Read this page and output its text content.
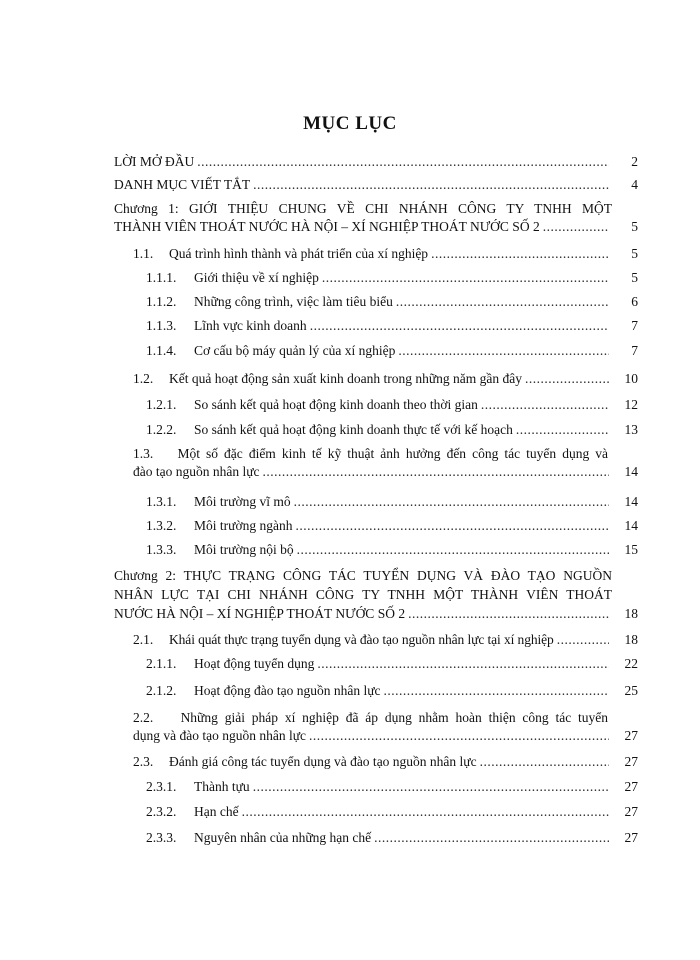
MỤC LỤC
LỜI MỞ ĐẦU .....	2
DANH MỤC VIẾT TẮT .....	4
Chương 1: GIỚI THIỆU CHUNG VỀ CHI NHÁNH CÔNG TY TNHH MỘT
THÀNH VIÊN THOÁT NƯỚC HÀ NỘI – XÍ NGHIỆP THOÁT NƯỚC SỐ 2 .....	5
1.1.	Quá trình hình thành và phát triển của xí nghiệp .....	5
1.1.1.	Giới thiệu về xí nghiệp .....	5
1.1.2.	Những công trình, việc làm tiêu biểu .....	6
1.1.3.	Lĩnh vực kinh doanh .....	7
1.1.4.	Cơ cấu bộ máy quản lý của xí nghiệp .....	7
1.2.	Kết quả hoạt động sản xuất kinh doanh trong những năm gần đây .....	10
1.2.1.	So sánh kết quả hoạt động kinh doanh theo thời gian .....	12
1.2.2.	So sánh kết quả hoạt động kinh doanh thực tế với kế hoạch .....	13
1.3. Một số đặc điểm kinh tế kỹ thuật ảnh hưởng đến công tác tuyển dụng và
đào tạo nguồn nhân lực .....	14
1.3.1.	Môi trường vĩ mô .....	14
1.3.2.	Môi trường ngành .....	14
1.3.3.	Môi trường nội bộ .....	15
Chương 2: THỰC TRẠNG CÔNG TÁC TUYỂN DỤNG VÀ ĐÀO TẠO NGUỒN
NHÂN LỰC TẠI CHI NHÁNH CÔNG TY TNHH MỘT THÀNH VIÊN THOÁT
NƯỚC HÀ NỘI – XÍ NGHIỆP THOÁT NƯỚC SỐ 2 .....	18
2.1.	Khái quát thực trạng tuyển dụng và đào tạo nguồn nhân lực tại xí nghiệp .....	18
2.1.1.	Hoạt động tuyển dụng .....	22
2.1.2.	Hoạt động đào tạo nguồn nhân lực .....	25
2.2. Những giải pháp xí nghiệp đã áp dụng nhằm hoàn thiện công tác tuyển
dụng và đào tạo nguồn nhân lực .....	27
2.3.	Đánh giá công tác tuyển dụng và đào tạo nguồn nhân lực .....	27
2.3.1.	Thành tựu .....	27
2.3.2.	Hạn chế .....	27
2.3.3.	Nguyên nhân của những hạn chế .....	27
